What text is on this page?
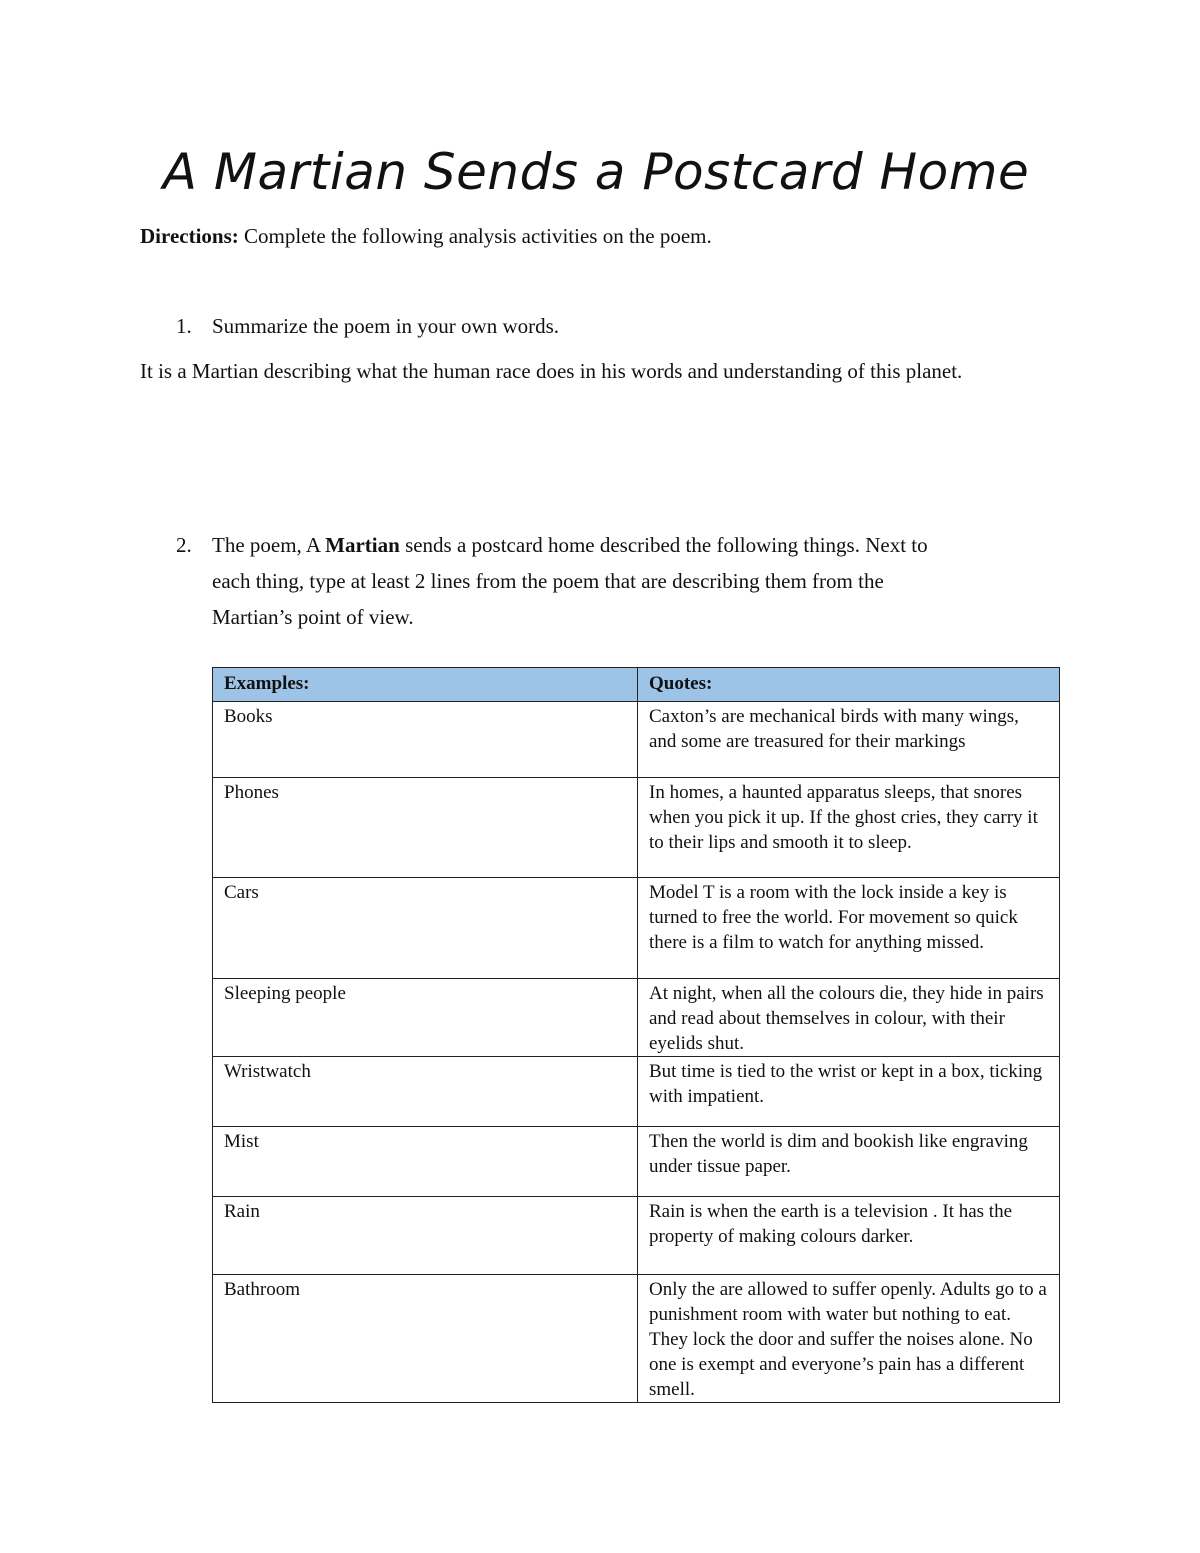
A Martian Sends a Postcard Home
Directions: Complete the following analysis activities on the poem.
1. Summarize the poem in your own words.
It is a Martian describing what the human race does in his words and understanding of this planet.
2. The poem, A Martian sends a postcard home described the following things. Next to
each thing, type at least 2 lines from the poem that are describing them from the
Martian’s point of view.
Examples:	Quotes:
Books	Caxton’s are mechanical birds with many wings, and some are treasured for their markings
Phones	In homes, a haunted apparatus sleeps, that snores when you pick it up. If the ghost cries, they carry it to their lips and smooth it to sleep.
Cars	Model T is a room with the lock inside a key is turned to free the world. For movement so quick there is a film to watch for anything missed.
Sleeping people	At night, when all the colours die, they hide in pairs and read about themselves in colour, with their eyelids shut.
Wristwatch	But time is tied to the wrist or kept in a box, ticking with impatient.
Mist	Then the world is dim and bookish like engraving under tissue paper.
Rain	Rain is when the earth is a television . It has the property of making colours darker.
Bathroom	Only the are allowed to suffer openly. Adults go to a punishment room with water but nothing to eat. They lock the door and suffer the noises alone. No one is exempt and everyone’s pain has a different smell.
